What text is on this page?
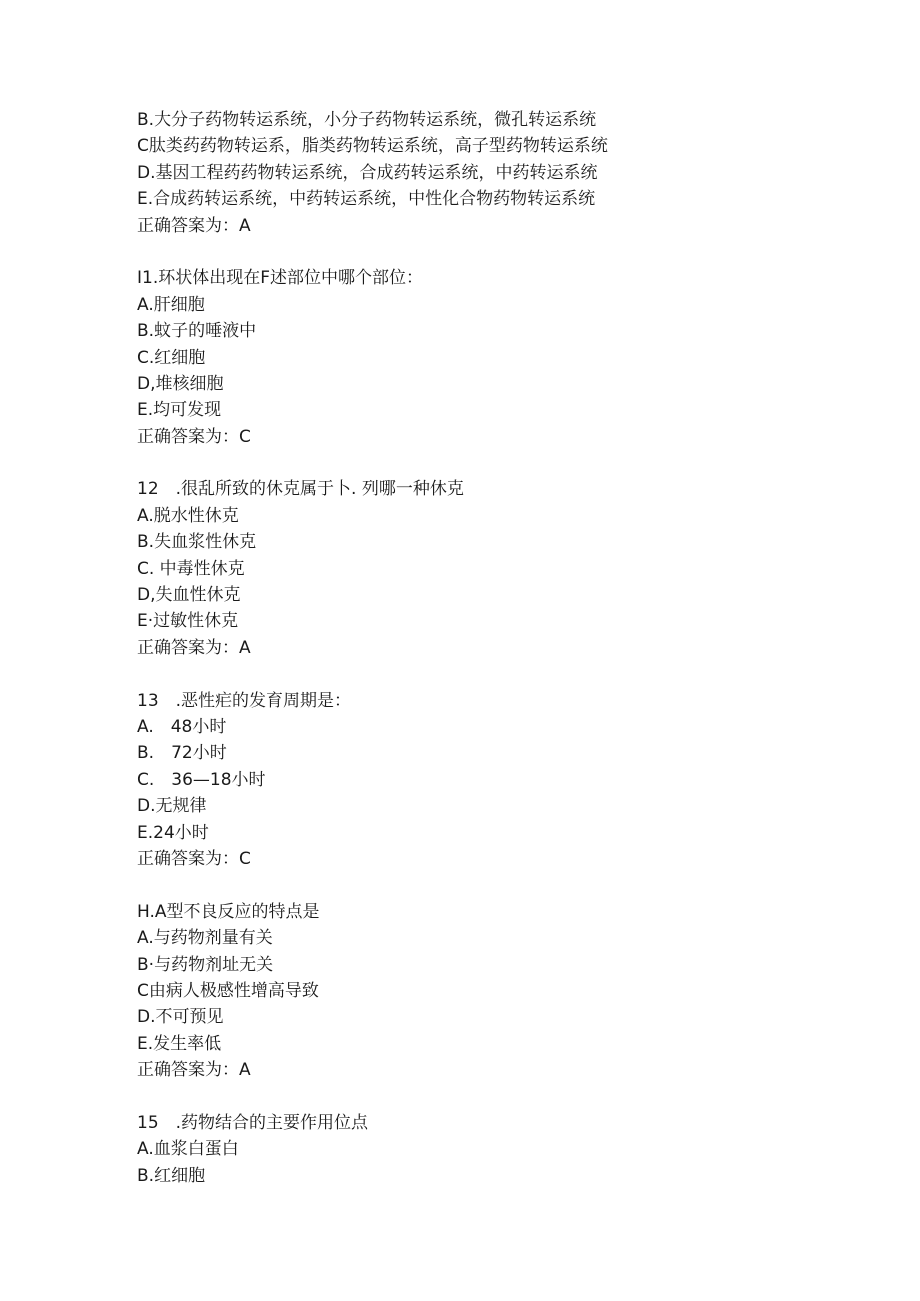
B.大分子药物转运系统，小分子药物转运系统，微孔转运系统
C肽类药药物转运系，脂类药物转运系统，高子型药物转运系统
D.基因工程药药物转运系统，合成药转运系统，中药转运系统
E.合成药转运系统，中药转运系统，中性化合物药物转运系统
正确答案为：A
I1.环状体出现在F述部位中哪个部位：
A.肝细胞
B.蚊子的唾液中
C.红细胞
D,堆核细胞
E.均可发现
正确答案为：C
12　.很乱所致的休克属于卜. 列哪一种休克
A.脱水性休克
B.失血浆性休克
C. 中毒性休克
D,失血性休克
E·过敏性休克
正确答案为：A
13　.恶性疟的发育周期是：
A.　48小时
B.　72小时
C.　36—18小时
D.无规律
E.24小时
正确答案为：C
H.A型不良反应的特点是
A.与药物剂量有关
B·与药物剂址无关
C由病人极感性增高导致
D.不可预见
E.发生率低
正确答案为：A
15　.药物结合的主要作用位点
A.血浆白蛋白
B.红细胞
